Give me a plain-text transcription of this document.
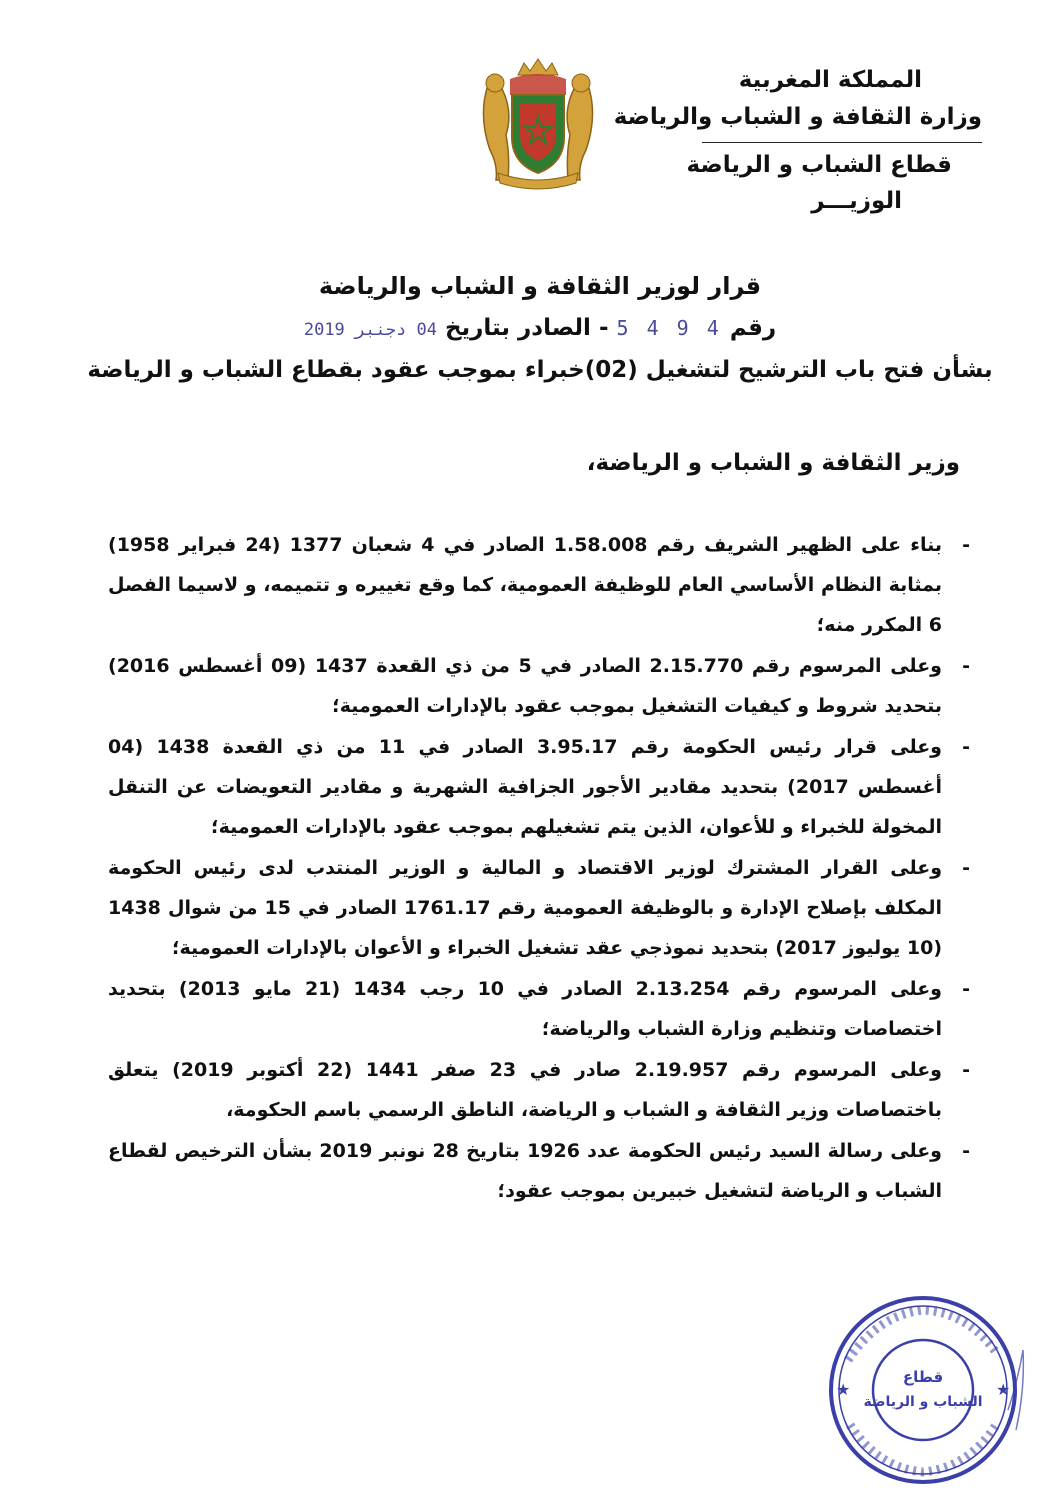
المملكة المغربية
وزارة الثقافة و الشباب والرياضة
قطاع الشباب و الرياضة
الوزيـــر
قرار لوزير الثقافة و الشباب والرياضة
رقم4 9 4 5-الصادر بتاريخ04 دجنبر 2019
بشأن فتح باب الترشيح لتشغيل (02)خبراء بموجب عقود بقطاع الشباب و الرياضة
وزير الثقافة و الشباب و الرياضة،
-
بناء على الظهير الشريف رقم 1.58.008 الصادر في 4 شعبان 1377 (24 فبراير 1958) بمثابة النظام الأساسي العام للوظيفة العمومية، كما وقع تغييره و تتميمه، و لاسيما الفصل 6 المكرر منه؛
-
وعلى المرسوم رقم 2.15.770 الصادر في 5 من ذي القعدة 1437 (09 أغسطس 2016) بتحديد شروط و كيفيات التشغيل بموجب عقود بالإدارات العمومية؛
-
وعلى قرار رئيس الحكومة رقم 3.95.17 الصادر في 11 من ذي القعدة 1438 (04 أغسطس 2017) بتحديد مقادير الأجور الجزافية الشهرية و مقادير التعويضات عن التنقل المخولة للخبراء و للأعوان، الذين يتم تشغيلهم بموجب عقود بالإدارات العمومية؛
-
وعلى القرار المشترك لوزير الاقتصاد و المالية و الوزير المنتدب لدى رئيس الحكومة المكلف بإصلاح الإدارة و بالوظيفة العمومية رقم 1761.17 الصادر في 15 من شوال 1438 (10 يوليوز 2017) بتحديد نموذجي عقد تشغيل الخبراء و الأعوان بالإدارات العمومية؛
-
وعلى المرسوم رقم 2.13.254 الصادر في 10 رجب 1434 (21 مايو 2013) بتحديد اختصاصات وتنظيم وزارة الشباب والرياضة؛
-
وعلى المرسوم رقم 2.19.957 صادر في 23 صفر 1441 (22 أكتوبر 2019) يتعلق باختصاصات وزير الثقافة و الشباب و الرياضة، الناطق الرسمي باسم الحكومة،
-
وعلى رسالة السيد رئيس الحكومة عدد 1926 بتاريخ 28 نونبر 2019 بشأن الترخيص لقطاع الشباب و الرياضة لتشغيل خبيرين بموجب عقود؛
★	★
قطاع
الشباب و الرياضة
